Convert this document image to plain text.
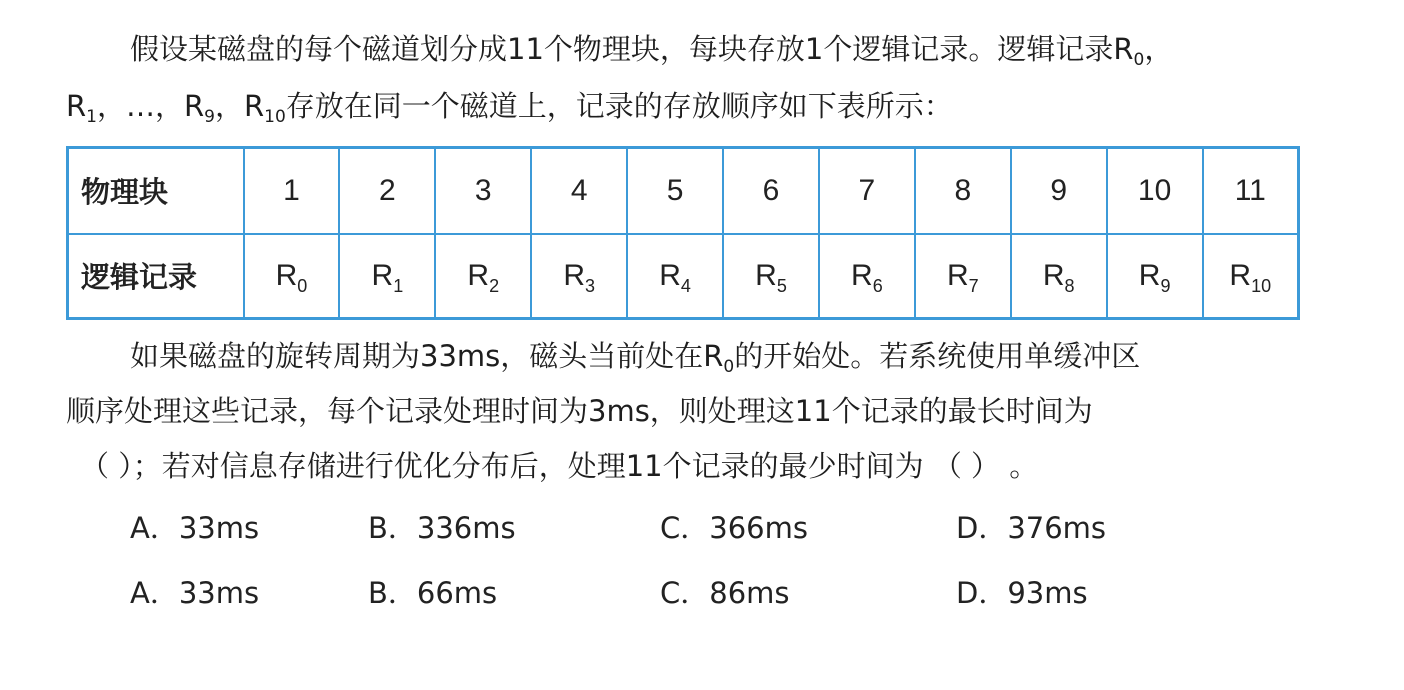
假设某磁盘的每个磁道划分成11个物理块，每块存放1个逻辑记录。逻辑记录$R_0$，
$R_1$，…，$R_9$，$R_{10}$存放在同一个磁道上，记录的存放顺序如下表所示：
物理块	1	2	3	4	5	6	7	8	9	10	11
逻辑记录	$R_0$	$R_1$	$R_2$	$R_3$	$R_4$	$R_5$	$R_6$	$R_7$	$R_8$	$R_9$	$R_{10}$
如果磁盘的旋转周期为33ms，磁头当前处在$R_0$的开始处。若系统使用单缓冲区
顺序处理这些记录，每个记录处理时间为3ms，则处理这11个记录的最长时间为
（ ）；若对信息存储进行优化分布后，处理11个记录的最少时间为 （ ） 。
A．33ms	B．336ms	C．366ms	D．376ms
A．33ms	B．66ms	C．86ms	D．93ms
